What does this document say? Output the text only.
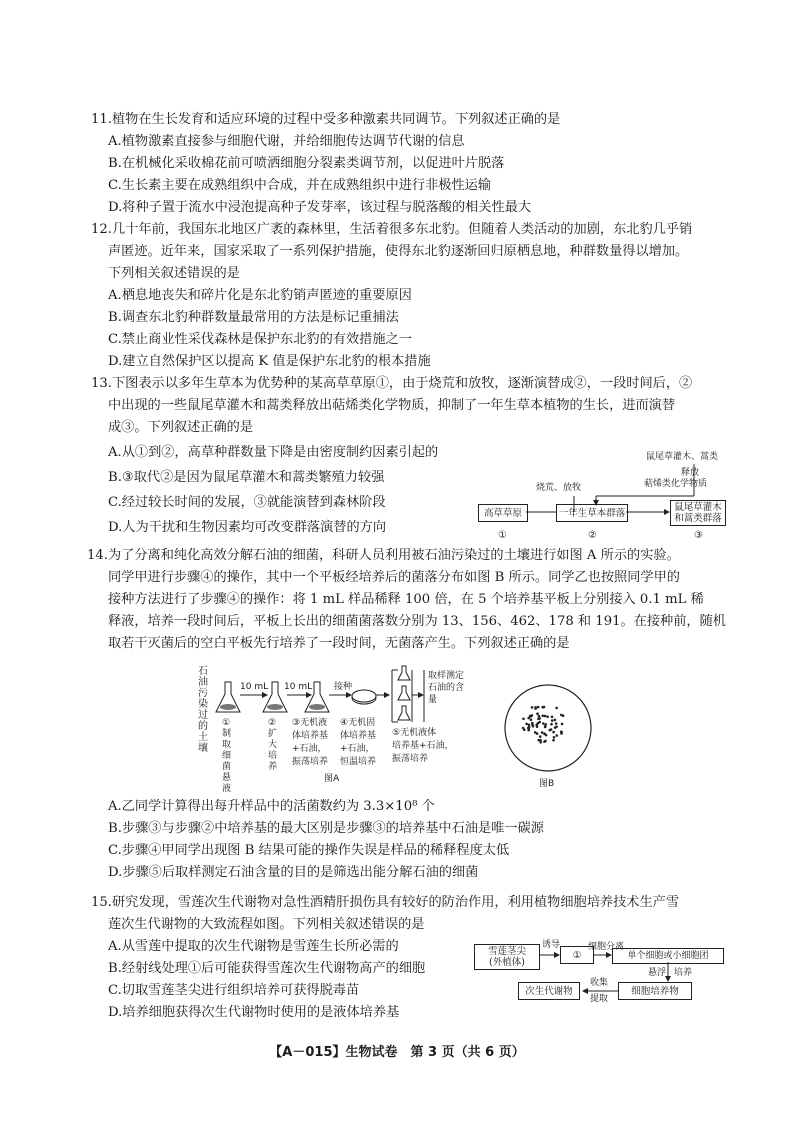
11.植物在生长发育和适应环境的过程中受多种激素共同调节。下列叙述正确的是
A.植物激素直接参与细胞代谢，并给细胞传达调节代谢的信息
B.在机械化采收棉花前可喷洒细胞分裂素类调节剂，以促进叶片脱落
C.生长素主要在成熟组织中合成，并在成熟组织中进行非极性运输
D.将种子置于流水中浸泡提高种子发芽率，该过程与脱落酸的相关性最大
12.几十年前，我国东北地区广袤的森林里，生活着很多东北豹。但随着人类活动的加剧，东北豹几乎销
声匿迹。近年来，国家采取了一系列保护措施，使得东北豹逐渐回归原栖息地，种群数量得以增加。
下列相关叙述错误的是
A.栖息地丧失和碎片化是东北豹销声匿迹的重要原因
B.调查东北豹种群数量最常用的方法是标记重捕法
C.禁止商业性采伐森林是保护东北豹的有效措施之一
D.建立自然保护区以提高 K 值是保护东北豹的根本措施
13.下图表示以多年生草本为优势种的某高草草原①，由于烧荒和放牧，逐渐演替成②，一段时间后，②
中出现的一些鼠尾草灌木和蒿类释放出萜烯类化学物质，抑制了一年生草本植物的生长，进而演替
成③。下列叙述正确的是
A.从①到②，高草种群数量下降是由密度制约因素引起的
B.③取代②是因为鼠尾草灌木和蒿类繁殖力较强
C.经过较长时间的发展，③就能演替到森林阶段
D.人为干扰和生物因素均可改变群落演替的方向
鼠尾草灌木、蒿类
释放
萜烯类化学物质
烧荒、放牧
高草草原	一年生草本群落	鼠尾草灌木
和蒿类群落
①	②	③
14.为了分离和纯化高效分解石油的细菌，科研人员利用被石油污染过的土壤进行如图 A 所示的实验。
同学甲进行步骤④的操作，其中一个平板经培养后的菌落分布如图 B 所示。同学乙也按照同学甲的
接种方法进行了步骤④的操作：将 1 mL 样品稀释 100 倍，在 5 个培养基平板上分别接入 0.1 mL 稀
释液，培养一段时间后，平板上长出的细菌菌落数分别为 13、156、462、178 和 191。在接种前，随机
取若干灭菌后的空白平板先行培养了一段时间，无菌落产生。下列叙述正确的是
石油污染过的土壤
10 mL 10 mL 接种
①制取细菌悬液
②扩大培养
③无机液
体培养基
+石油，
振荡培养
④无机固
体培养基
+石油，
恒温培养
⑤无机液体
培养基+石油，
振荡培养
取样测定石油的含量
图A	图B
A.乙同学计算得出每升样品中的活菌数约为 3.3×10⁸ 个
B.步骤③与步骤②中培养基的最大区别是步骤③的培养基中石油是唯一碳源
C.步骤④甲同学出现图 B 结果可能的操作失误是样品的稀释程度太低
D.步骤⑤后取样测定石油含量的目的是筛选出能分解石油的细菌
15.研究发现，雪莲次生代谢物对急性酒精肝损伤具有较好的防治作用，利用植物细胞培养技术生产雪
莲次生代谢物的大致流程如图。下列相关叙述错误的是
A.从雪莲中提取的次生代谢物是雪莲生长所必需的
B.经射线处理①后可能获得雪莲次生代谢物高产的细胞
C.切取雪莲茎尖进行组织培养可获得脱毒苗
D.培养细胞获得次生代谢物时使用的是液体培养基
雪莲茎尖
(外植体)
诱导
①
细胞分离
单个细胞或小细胞团
悬浮 培养
次生代谢物
收集
提取
细胞培养物
【A－015】生物试卷　第 3 页（共 6 页）
